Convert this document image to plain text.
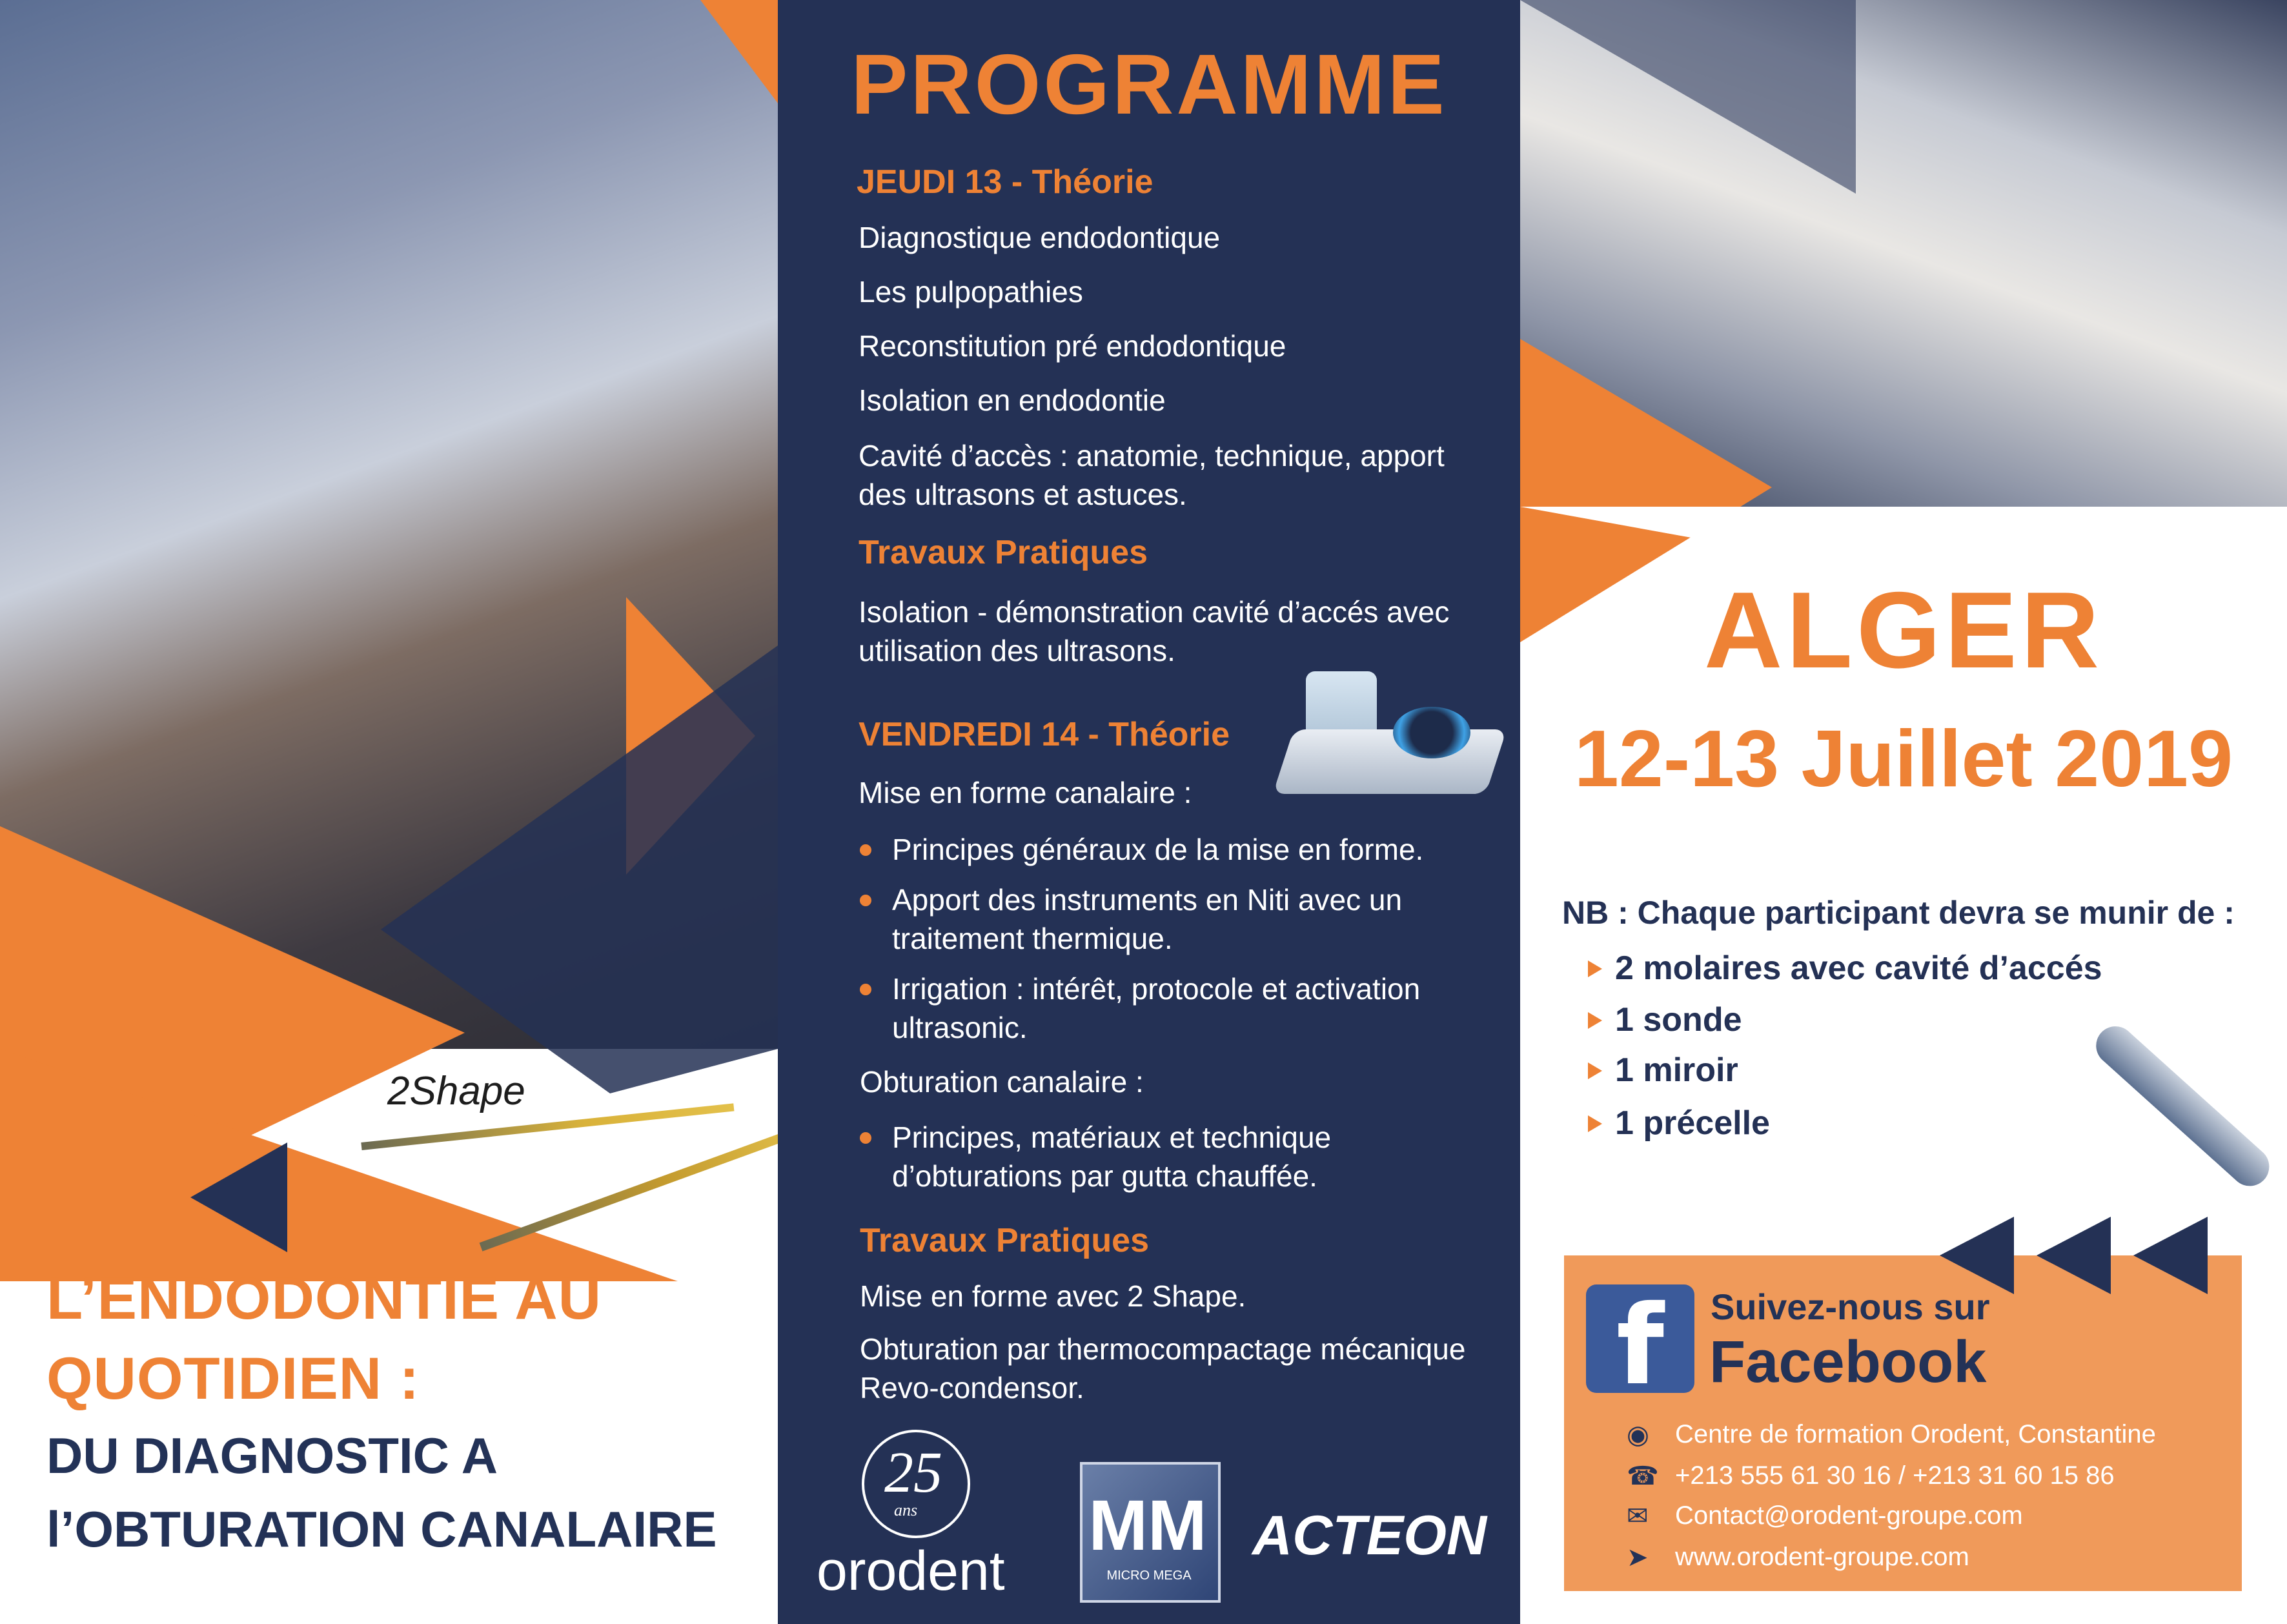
2Shape

L’ENDODONTIE AU

QUOTIDIEN :

DU DIAGNOSTIC A

l’OBTURATION CANALAIRE

PROGRAMME
JEUDI 13 - Théorie
Diagnostique endodontique
Les pulpopathies
Reconstitution pré endodontique
Isolation en endodontie
Cavité d’accès : anatomie, technique, apport
des ultrasons et astuces.
Travaux Pratiques
Isolation - démonstration cavité d’accés avec
utilisation des ultrasons.
VENDREDI 14 - Théorie
Mise en forme canalaire :
Principes généraux de la mise en forme.
Apport des instruments en Niti avec un
traitement thermique.
Irrigation : intérêt, protocole et activation
ultrasonic.
Obturation canalaire :
Principes, matériaux et technique
d’obturations par gutta chauffée.
Travaux Pratiques
Mise en forme avec 2 Shape.
Obturation par thermocompactage mécanique
Revo-condensor.
25
ans
orodent
MM
MICRO MEGA
ACTEON
ALGER
12-13 Juillet 2019
NB : Chaque participant devra se munir de :
2 molaires avec cavité d’accés
1 sonde
1 miroir
1 précelle
f	Suivez-nous sur
Facebook
◉ Centre de formation Orodent, Constantine
☎ +213 555 61 30 16 / +213 31 60 15 86
✉ Contact@orodent-groupe.com
➤ www.orodent-groupe.com
